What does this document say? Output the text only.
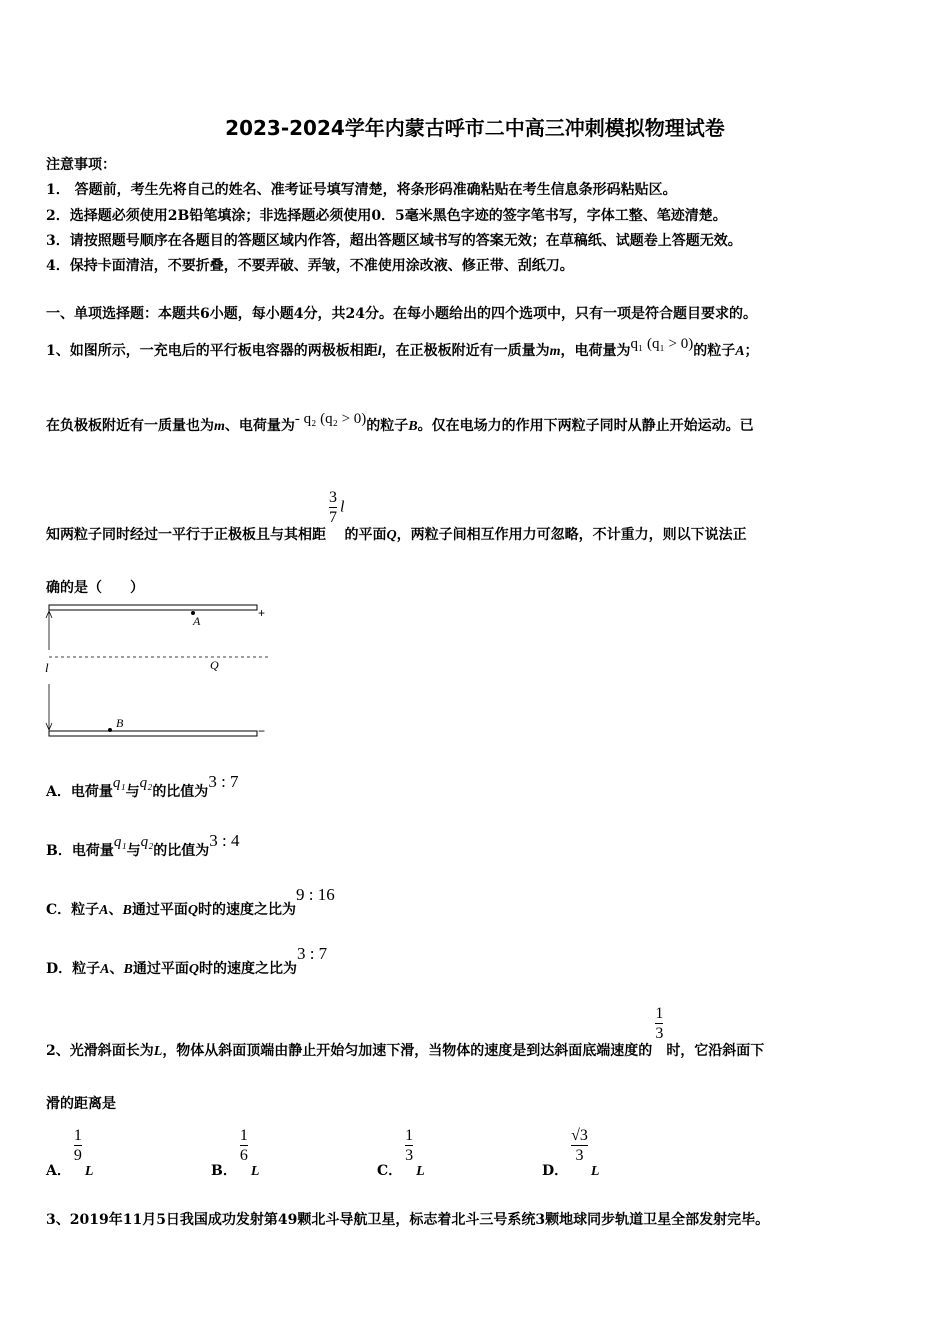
2023-2024学年内蒙古呼市二中高三冲刺模拟物理试卷
注意事项：
1． 答题前，考生先将自己的姓名、准考证号填写清楚，将条形码准确粘贴在考生信息条形码粘贴区。
2．选择题必须使用2B铅笔填涂；非选择题必须使用0．5毫米黑色字迹的签字笔书写，字体工整、笔迹清楚。
3．请按照题号顺序在各题目的答题区域内作答，超出答题区域书写的答案无效；在草稿纸、试题卷上答题无效。
4．保持卡面清洁，不要折叠，不要弄破、弄皱，不准使用涂改液、修正带、刮纸刀。
一、单项选择题：本题共6小题，每小题4分，共24分。在每小题给出的四个选项中，只有一项是符合题目要求的。
1、如图所示，一充电后的平行板电容器的两极板相距l，在正极板附近有一质量为m，电荷量为q₁ (q₁ > 0)的粒子A；
在负极板附近有一质量也为m、电荷量为- q₂ (q₂ > 0)的粒子B。仅在电场力的作用下两粒子同时从静止开始运动。已
知两粒子同时经过一平行于正极板且与其相距
$\frac{3}{7}$ l的平面Q，两粒子间相互作用力可忽略，不计重力，则以下说法正
确的是（　　）
A
B
Q
l
+
−
A．电荷量q₁与q₂的比值为3 : 7
B．电荷量q₁与q₂的比值为3 : 4
C．粒子A、B通过平面Q时的速度之比为9 : 16
D．粒子A、B通过平面Q时的速度之比为3 : 7
2、光滑斜面长为L，物体从斜面顶端由静止开始匀加速下滑，当物体的速度是到达斜面底端速度的
$\frac{1}{3}$
时，它沿斜面下
滑的距离是
A．
$\frac{1}{9}$
L	B．
$\frac{1}{6}$
L	C．
$\frac{1}{3}$
L	D．
$\frac{√3}{3}$
L
3、2019年11月5日我国成功发射第49颗北斗导航卫星，标志着北斗三号系统3颗地球同步轨道卫星全部发射完毕。
